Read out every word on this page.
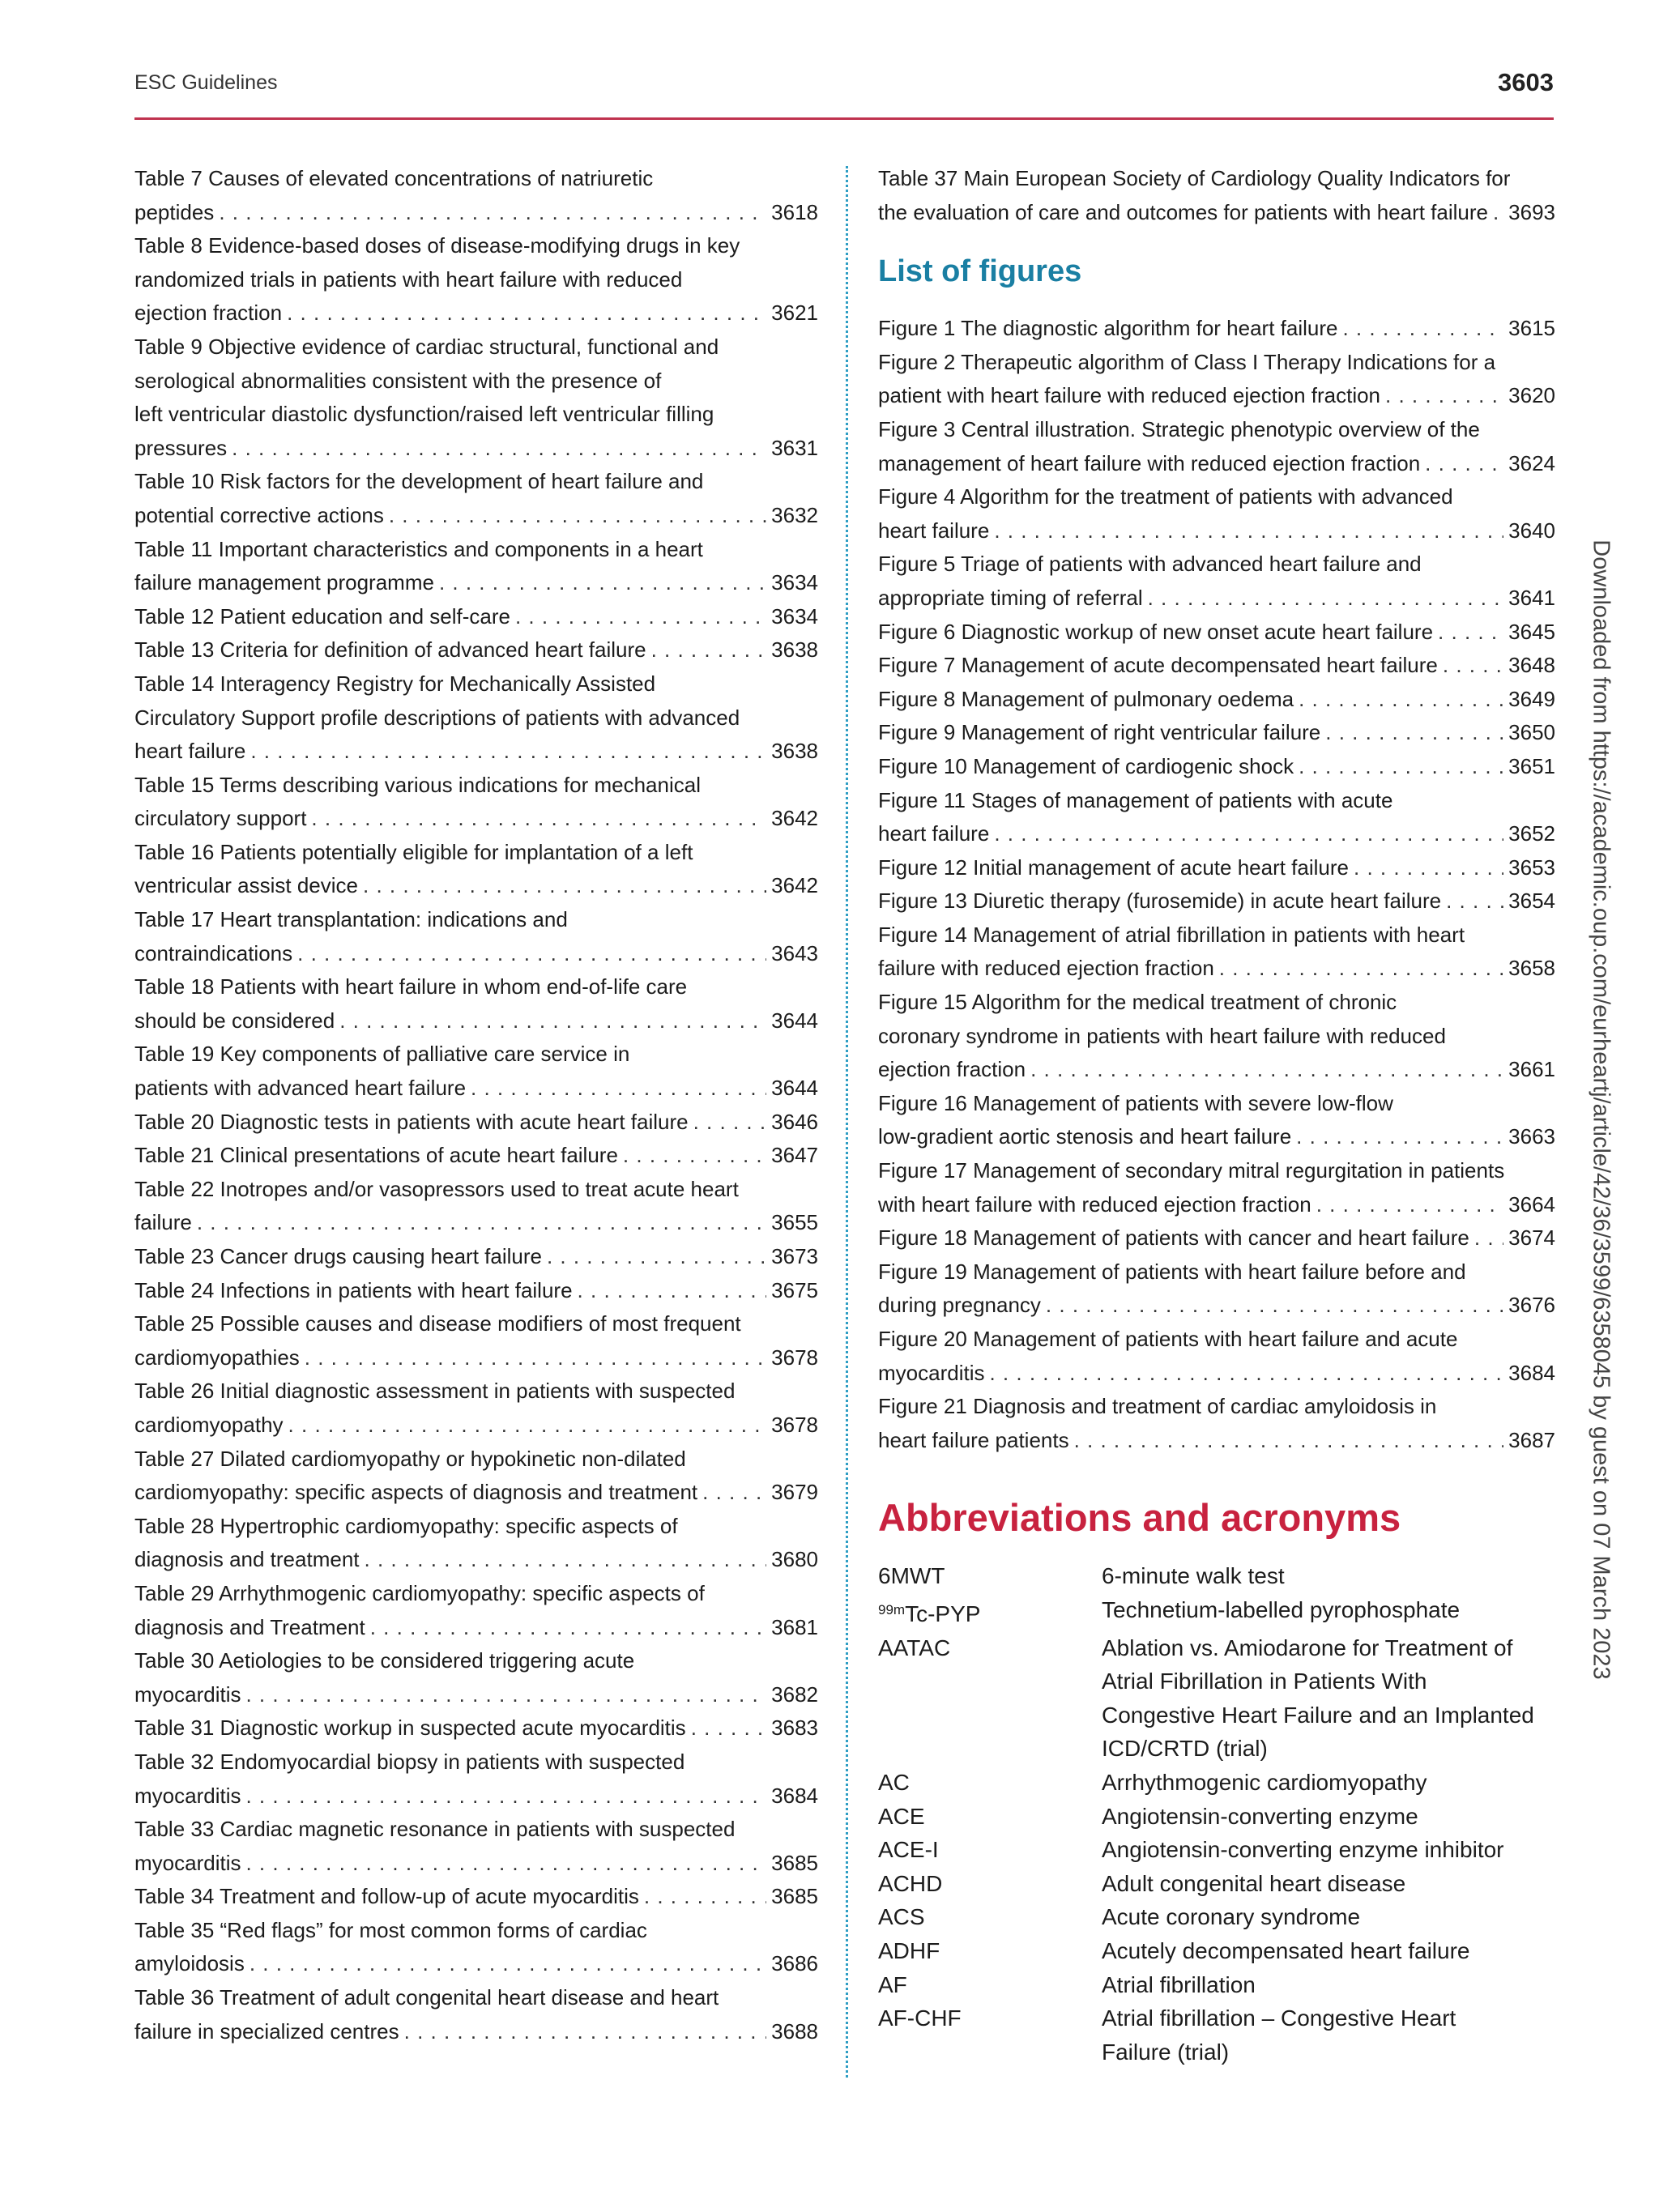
ESC Guidelines	3603
Table 7 Causes of elevated concentrations of natriuretic
peptides . . .	3618
Table 8 Evidence-based doses of disease-modifying drugs in key
randomized trials in patients with heart failure with reduced
ejection fraction . . .	3621
Table 9 Objective evidence of cardiac structural, functional and
serological abnormalities consistent with the presence of
left ventricular diastolic dysfunction/raised left ventricular filling
pressures . . .	3631
Table 10 Risk factors for the development of heart failure and
potential corrective actions . . .	3632
Table 11 Important characteristics and components in a heart
failure management programme . . .	3634
Table 12 Patient education and self-care . . .	3634
Table 13 Criteria for definition of advanced heart failure . . .	3638
Table 14 Interagency Registry for Mechanically Assisted
Circulatory Support profile descriptions of patients with advanced
heart failure . . .	3638
Table 15 Terms describing various indications for mechanical
circulatory support . . .	3642
Table 16 Patients potentially eligible for implantation of a left
ventricular assist device . . .	3642
Table 17 Heart transplantation: indications and
contraindications . . .	3643
Table 18 Patients with heart failure in whom end-of-life care
should be considered . . .	3644
Table 19 Key components of palliative care service in
patients with advanced heart failure . . .	3644
Table 20 Diagnostic tests in patients with acute heart failure . . .	3646
Table 21 Clinical presentations of acute heart failure . . .	3647
Table 22 Inotropes and/or vasopressors used to treat acute heart
failure . . .	3655
Table 23 Cancer drugs causing heart failure . . .	3673
Table 24 Infections in patients with heart failure . . .	3675
Table 25 Possible causes and disease modifiers of most frequent
cardiomyopathies . . .	3678
Table 26 Initial diagnostic assessment in patients with suspected
cardiomyopathy . . .	3678
Table 27 Dilated cardiomyopathy or hypokinetic non-dilated
cardiomyopathy: specific aspects of diagnosis and treatment . . .	3679
Table 28 Hypertrophic cardiomyopathy: specific aspects of
diagnosis and treatment . . .	3680
Table 29 Arrhythmogenic cardiomyopathy: specific aspects of
diagnosis and Treatment . . .	3681
Table 30 Aetiologies to be considered triggering acute
myocarditis . . .	3682
Table 31 Diagnostic workup in suspected acute myocarditis . . .	3683
Table 32 Endomyocardial biopsy in patients with suspected
myocarditis . . .	3684
Table 33 Cardiac magnetic resonance in patients with suspected
myocarditis . . .	3685
Table 34 Treatment and follow-up of acute myocarditis . . .	3685
Table 35 “Red flags” for most common forms of cardiac
amyloidosis . . .	3686
Table 36 Treatment of adult congenital heart disease and heart
failure in specialized centres . . .	3688
Table 37 Main European Society of Cardiology Quality Indicators for
the evaluation of care and outcomes for patients with heart failure . . . 3693
List of figures
Figure 1 The diagnostic algorithm for heart failure . . .	3615
Figure 2 Therapeutic algorithm of Class I Therapy Indications for a
patient with heart failure with reduced ejection fraction . . .	3620
Figure 3 Central illustration. Strategic phenotypic overview of the
management of heart failure with reduced ejection fraction . . .	3624
Figure 4 Algorithm for the treatment of patients with advanced
heart failure . . .	3640
Figure 5 Triage of patients with advanced heart failure and
appropriate timing of referral . . .	3641
Figure 6 Diagnostic workup of new onset acute heart failure . . .	3645
Figure 7 Management of acute decompensated heart failure . . .	3648
Figure 8 Management of pulmonary oedema . . .	3649
Figure 9 Management of right ventricular failure . . .	3650
Figure 10 Management of cardiogenic shock . . .	3651
Figure 11 Stages of management of patients with acute
heart failure . . .	3652
Figure 12 Initial management of acute heart failure . . .	3653
Figure 13 Diuretic therapy (furosemide) in acute heart failure . . .	3654
Figure 14 Management of atrial fibrillation in patients with heart
failure with reduced ejection fraction . . .	3658
Figure 15 Algorithm for the medical treatment of chronic
coronary syndrome in patients with heart failure with reduced
ejection fraction . . .	3661
Figure 16 Management of patients with severe low-flow
low-gradient aortic stenosis and heart failure . . .	3663
Figure 17 Management of secondary mitral regurgitation in patients
with heart failure with reduced ejection fraction . . .	3664
Figure 18 Management of patients with cancer and heart failure . . . 3674
Figure 19 Management of patients with heart failure before and
during pregnancy . . .	3676
Figure 20 Management of patients with heart failure and acute
myocarditis . . .	3684
Figure 21 Diagnosis and treatment of cardiac amyloidosis in
heart failure patients . . .	3687
Abbreviations and acronyms
6MWT	6-minute walk test
$^{99m}$Tc-PYP	Technetium-labelled pyrophosphate
AATAC	Ablation vs. Amiodarone for Treatment of
Atrial Fibrillation in Patients With
Congestive Heart Failure and an Implanted
ICD/CRTD (trial)
AC	Arrhythmogenic cardiomyopathy
ACE	Angiotensin-converting enzyme
ACE-I	Angiotensin-converting enzyme inhibitor
ACHD	Adult congenital heart disease
ACS	Acute coronary syndrome
ADHF	Acutely decompensated heart failure
AF	Atrial fibrillation
AF-CHF	Atrial fibrillation – Congestive Heart
Failure (trial)
Downloaded from https://academic.oup.com/eurheartj/article/42/36/3599/6358045 by guest on 07 March 2023
